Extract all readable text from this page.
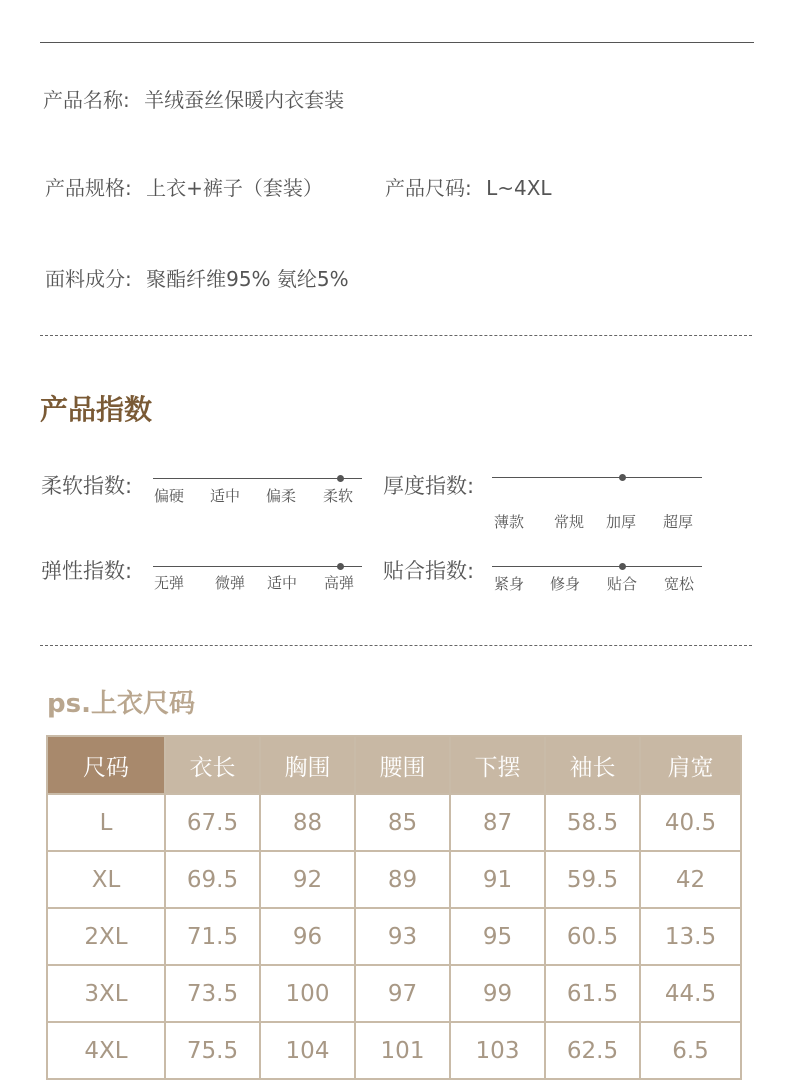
产品名称: 羊绒蚕丝保暖内衣套装
产品规格: 上衣+裤子（套装）	产品尺码: L~4XL
面料成分: 聚酯纤维95% 氨纶5%
产品指数
柔软指数: 偏硬 适中 偏柔 柔软 厚度指数:
薄款 常规 加厚 超厚
弹性指数: 无弹 微弹 适中 高弹 贴合指数:
紧身 修身 贴合 宽松
ps.上衣尺码
尺码	衣长	胸围	腰围	下摆	袖长	肩宽
L	67.5	88	85	87	58.5	40.5
XL	69.5	92	89	91	59.5	42
2XL	71.5	96	93	95	60.5	13.5
3XL	73.5	100	97	99	61.5	44.5
4XL	75.5	104	101	103	62.5	6.5
